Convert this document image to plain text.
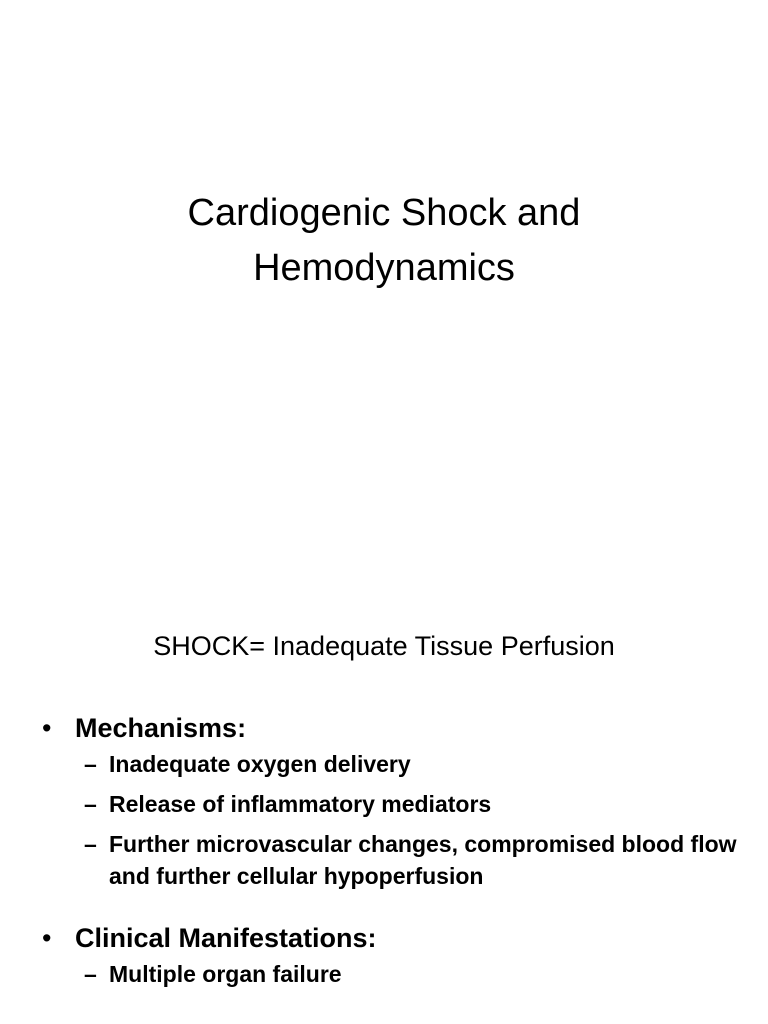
Cardiogenic Shock and
Hemodynamics

SHOCK= Inadequate Tissue Perfusion

• Mechanisms:
– Inadequate oxygen delivery
– Release of inflammatory mediators
– Further microvascular changes, compromised blood flow and further cellular hypoperfusion
• Clinical Manifestations:
– Multiple organ failure
